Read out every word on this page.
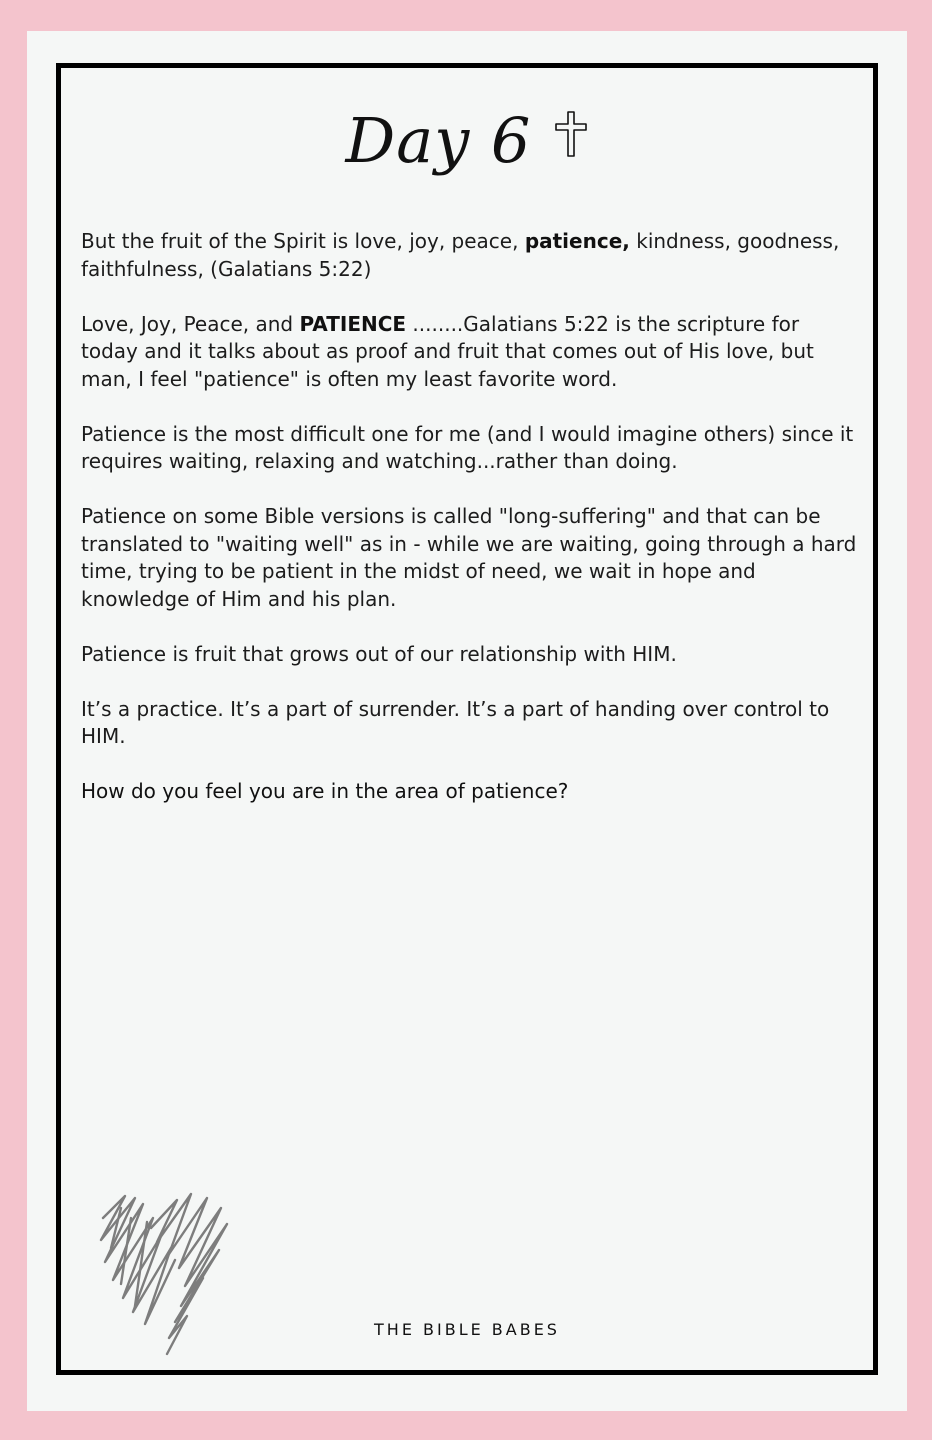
Day 6

But the fruit of the Spirit is love, joy, peace, patience, kindness, goodness, faithfulness, (Galatians 5:22)

Love, Joy, Peace, and PATIENCE ........Galatians 5:22 is the scripture for today and it talks about as proof and fruit that comes out of His love, but man, I feel "patience" is often my least favorite word.

Patience is the most difficult one for me (and I would imagine others) since it requires waiting, relaxing and watching...rather than doing.

Patience on some Bible versions is called "long-suffering" and that can be translated to "waiting well" as in - while we are waiting, going through a hard time, trying to be patient in the midst of need, we wait in hope and knowledge of Him and his plan.

Patience is fruit that grows out of our relationship with HIM.

It’s a practice. It’s a part of surrender. It’s a part of handing over control to HIM.

How do you feel you are in the area of patience?

THE BIBLE BABES
